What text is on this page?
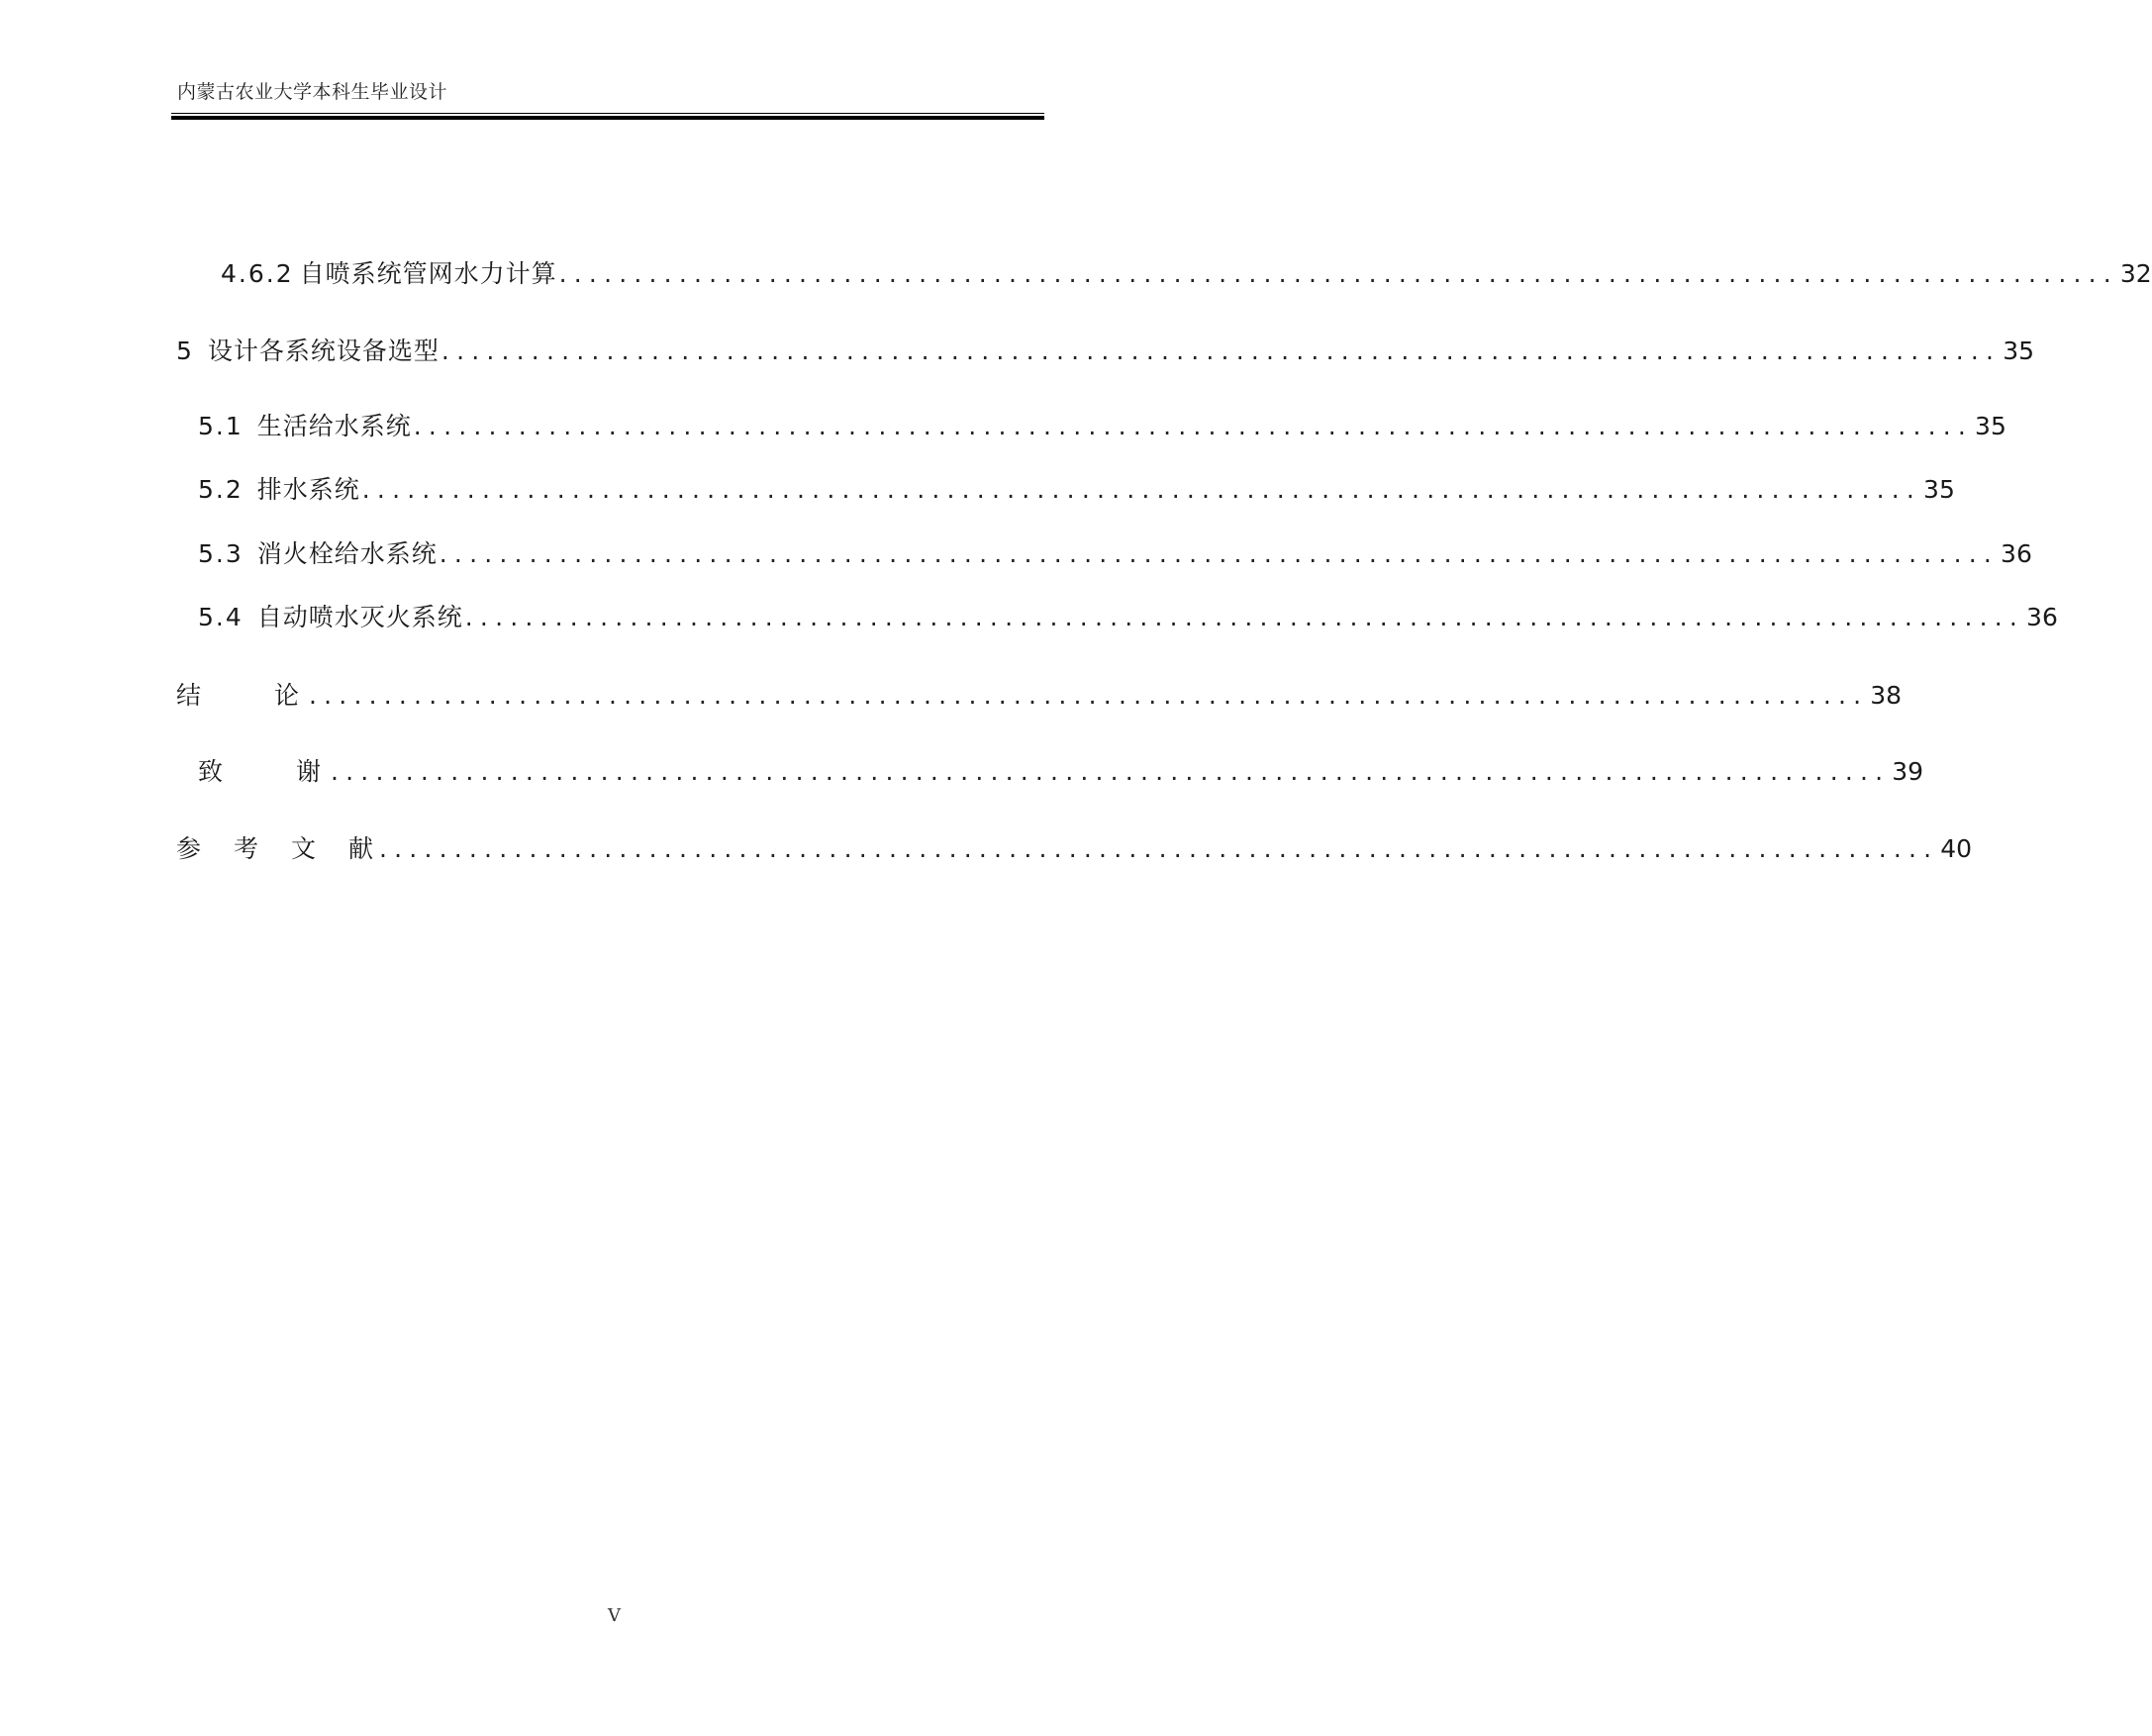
内蒙古农业大学本科生毕业设计
4.6.2 自喷系统管网水力计算 ........................................................................................................ 32
5 设计各系统设备选型 ........................................................................................................ 35
5.1 生活给水系统 ........................................................................................................ 35
5.2 排水系统 ........................................................................................................ 35
5.3 消火栓给水系统 ........................................................................................................ 36
5.4 自动喷水灭火系统 ........................................................................................................ 36
结　　论 ........................................................................................................ 38
致　　谢 ........................................................................................................ 39
参　考　文　献 ........................................................................................................ 40
V
